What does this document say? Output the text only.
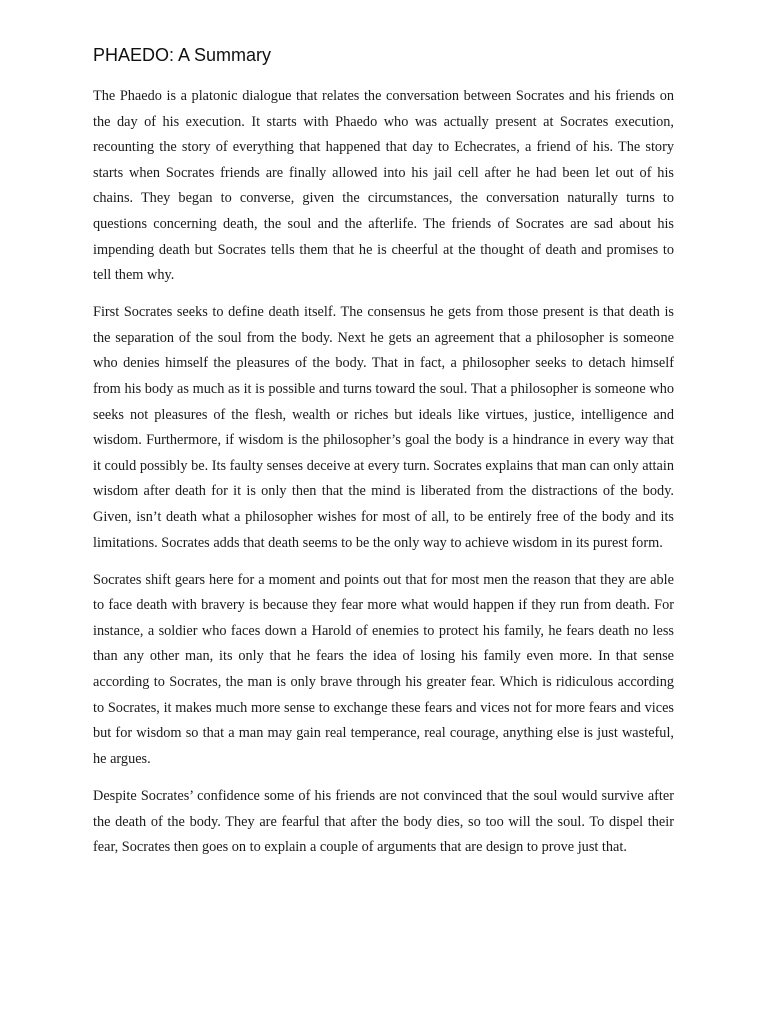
PHAEDO: A Summary

The Phaedo is a platonic dialogue that relates the conversation between Socrates and his friends on the day of his execution. It starts with Phaedo who was actually present at Socrates execution, recounting the story of everything that happened that day to Echecrates, a friend of his. The story starts when Socrates friends are finally allowed into his jail cell after he had been let out of his chains. They began to converse, given the circumstances, the conversation naturally turns to questions concerning death, the soul and the afterlife. The friends of Socrates are sad about his impending death but Socrates tells them that he is cheerful at the thought of death and promises to tell them why.

First Socrates seeks to define death itself. The consensus he gets from those present is that death is the separation of the soul from the body. Next he gets an agreement that a philosopher is someone who denies himself the pleasures of the body. That in fact, a philosopher seeks to detach himself from his body as much as it is possible and turns toward the soul. That a philosopher is someone who seeks not pleasures of the flesh, wealth or riches but ideals like virtues, justice, intelligence and wisdom. Furthermore, if wisdom is the philosopher’s goal the body is a hindrance in every way that it could possibly be. Its faulty senses deceive at every turn. Socrates explains that man can only attain wisdom after death for it is only then that the mind is liberated from the distractions of the body. Given, isn’t death what a philosopher wishes for most of all, to be entirely free of the body and its limitations. Socrates adds that death seems to be the only way to achieve wisdom in its purest form.

Socrates shift gears here for a moment and points out that for most men the reason that they are able to face death with bravery is because they fear more what would happen if they run from death. For instance, a soldier who faces down a Harold of enemies to protect his family, he fears death no less than any other man, its only that he fears the idea of losing his family even more. In that sense according to Socrates, the man is only brave through his greater fear. Which is ridiculous according to Socrates, it makes much more sense to exchange these fears and vices not for more fears and vices but for wisdom so that a man may gain real temperance, real courage, anything else is just wasteful, he argues.

Despite Socrates’ confidence some of his friends are not convinced that the soul would survive after the death of the body. They are fearful that after the body dies, so too will the soul. To dispel their fear, Socrates then goes on to explain a couple of arguments that are design to prove just that.
